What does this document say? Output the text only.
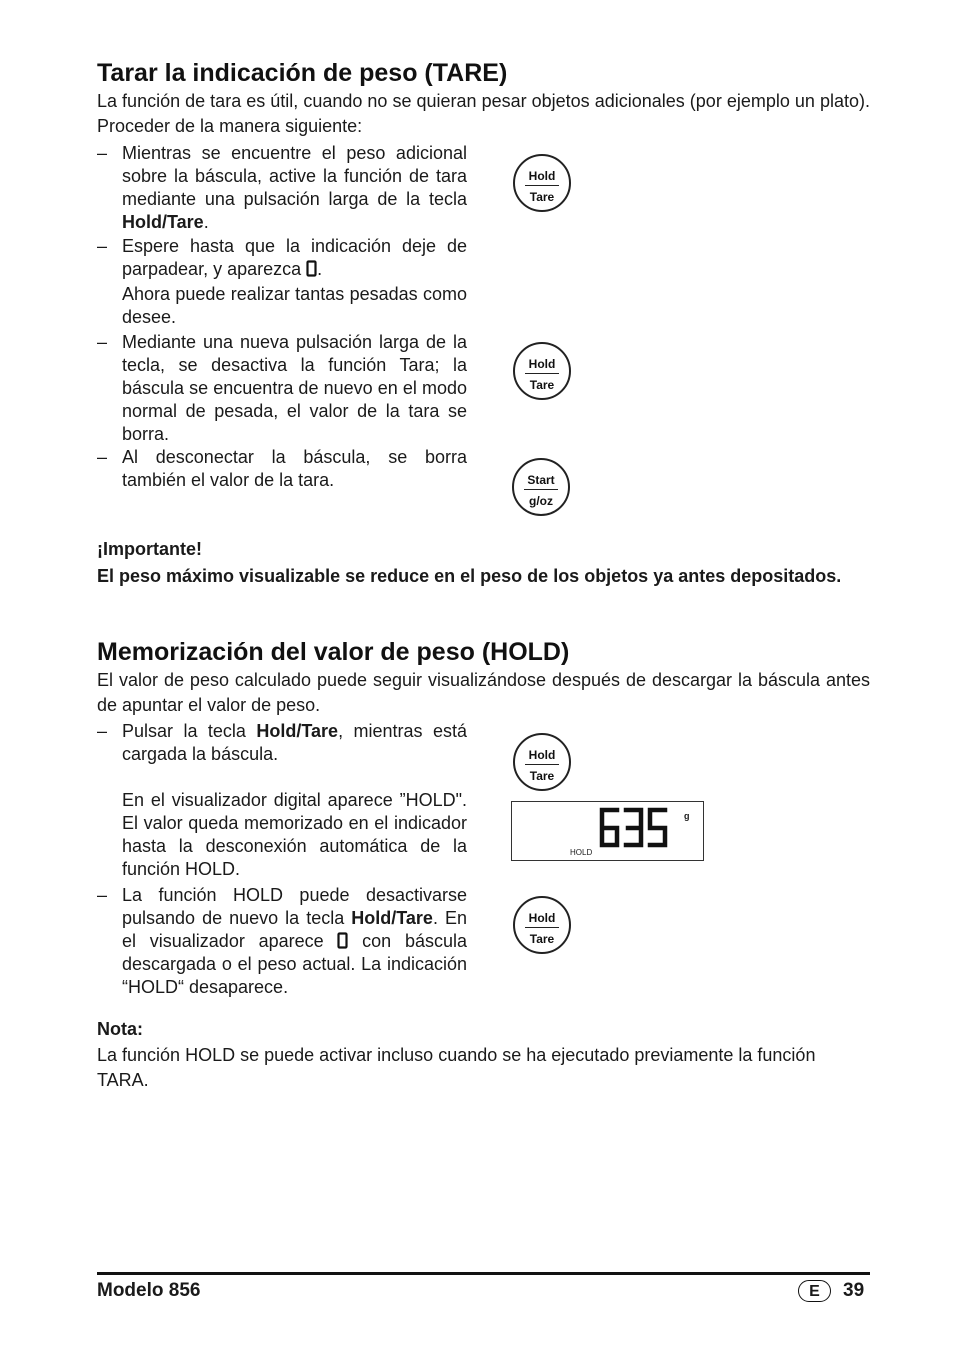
Tarar la indicación de peso (TARE)

La función de tara es útil, cuando no se quieran pesar objetos adicionales (por ejemplo un plato). Proceder de la manera siguiente:

– Mientras se encuentre el peso adicional sobre la báscula, active la función de tara mediante una pulsación larga de la tecla Hold/Tare.

– Espere hasta que la indicación deje de parpadear, y aparezca
0
.

Ahora puede realizar tantas pesadas como desee.

– Mediante una nueva pulsación larga de la tecla, se desactiva la función Tara; la báscula se encuentra de nuevo en el modo normal de pesada, el valor de la tara se borra.

– Al desconectar la báscula, se borra también el valor de la tara.

Hold
Tare
Hold
Tare
Start
g/oz

¡Importante!

El peso máximo visualizable se reduce en el peso de los objetos ya antes depositados.

Memorización del valor de peso (HOLD)

El valor de peso calculado puede seguir visualizándose después de descargar la báscula antes de apuntar el valor de peso.

– Pulsar la tecla Hold/Tare, mientras está cargada la báscula.

En el visualizador digital aparece ”HOLD". El valor queda memorizado en el indicador hasta la desconexión automática de la función HOLD.

– La función HOLD puede desactivarse pulsando de nuevo la tecla Hold/Tare. En el visualizador aparece  con báscula descargada o el peso actual. La indicación “HOLD“ desaparece.

Hold
Tare
g
HOLD
Hold
Tare

Nota:

La función HOLD se puede activar incluso cuando se ha ejecutado previamente la función TARA.

Modelo 856	E	39
